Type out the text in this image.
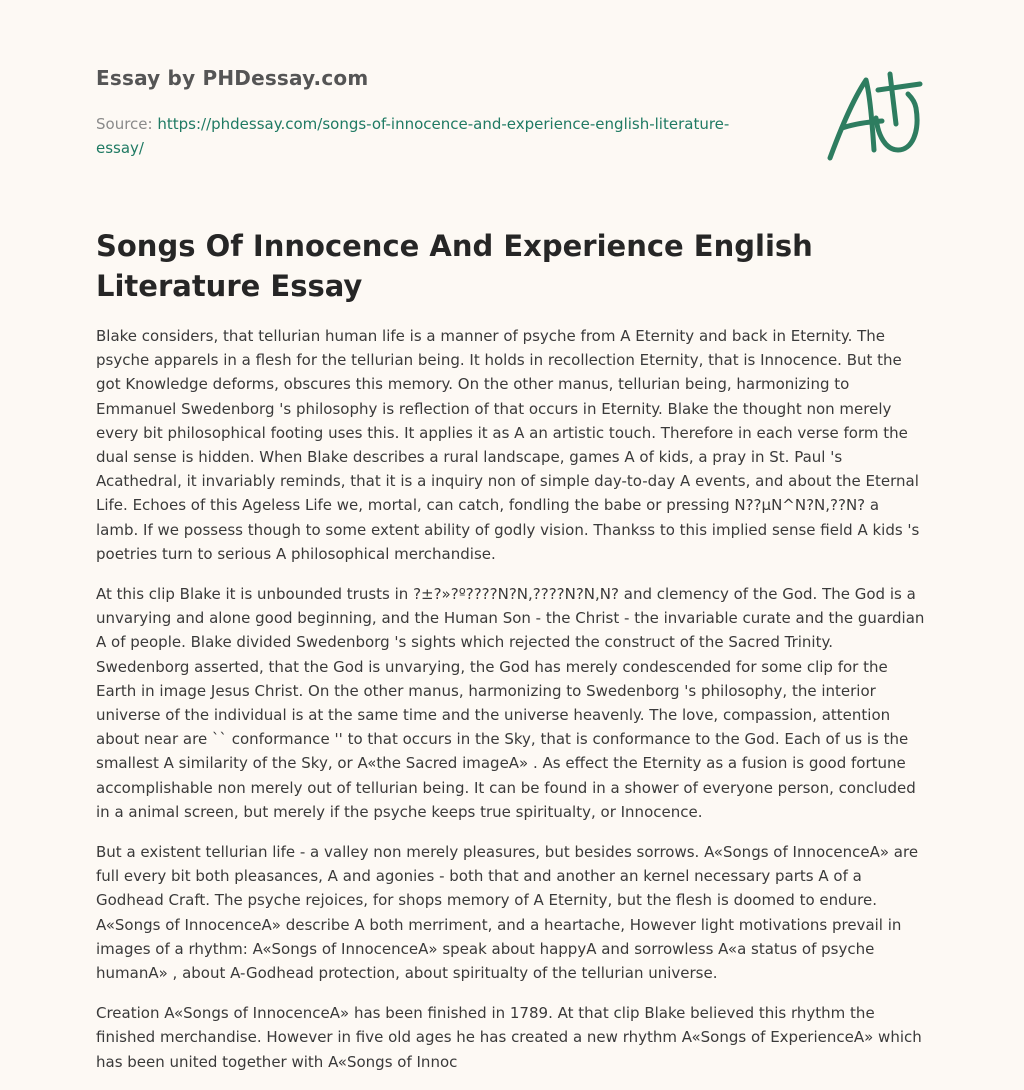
Essay by PHDessay.com
Source: https://phdessay.com/songs-of-innocence-and-experience-english-literature-essay/
Songs Of Innocence And Experience English Literature Essay

Blake considers, that tellurian human life is a manner of psyche from A Eternity and back in Eternity. The psyche apparels in a flesh for the tellurian being. It holds in recollection Eternity, that is Innocence. But the got Knowledge deforms, obscures this memory. On the other manus, tellurian being, harmonizing to Emmanuel Swedenborg 's philosophy is reflection of that occurs in Eternity. Blake the thought non merely every bit philosophical footing uses this. It applies it as A an artistic touch. Therefore in each verse form the dual sense is hidden. When Blake describes a rural landscape, games A of kids, a pray in St. Paul 's Acathedral, it invariably reminds, that it is a inquiry non of simple day-to-day A events, and about the Eternal Life. Echoes of this Ageless Life we, mortal, can catch, fondling the babe or pressing N??µN^N?N,??N? a lamb. If we possess though to some extent ability of godly vision. Thankss to this implied sense field A kids 's poetries turn to serious A philosophical merchandise.

At this clip Blake it is unbounded trusts in ?±?»?º????N?N,????N?N,N? and clemency of the God. The God is a unvarying and alone good beginning, and the Human Son - the Christ - the invariable curate and the guardian A of people. Blake divided Swedenborg 's sights which rejected the construct of the Sacred Trinity. Swedenborg asserted, that the God is unvarying, the God has merely condescended for some clip for the Earth in image Jesus Christ. On the other manus, harmonizing to Swedenborg 's philosophy, the interior universe of the individual is at the same time and the universe heavenly. The love, compassion, attention about near are `` conformance '' to that occurs in the Sky, that is conformance to the God. Each of us is the smallest A similarity of the Sky, or A«the Sacred imageA» . As effect the Eternity as a fusion is good fortune accomplishable non merely out of tellurian being. It can be found in a shower of everyone person, concluded in a animal screen, but merely if the psyche keeps true spiritualty, or Innocence.

But a existent tellurian life - a valley non merely pleasures, but besides sorrows. A«Songs of InnocenceA» are full every bit both pleasances, A and agonies - both that and another an kernel necessary parts A of a Godhead Craft. The psyche rejoices, for shops memory of A Eternity, but the flesh is doomed to endure. A«Songs of InnocenceA» describe A both merriment, and a heartache, However light motivations prevail in images of a rhythm: A«Songs of InnocenceA» speak about happyA and sorrowless A«a status of psyche humanA» , about A-Godhead protection, about spiritualty of the tellurian universe.

Creation A«Songs of InnocenceA» has been finished in 1789. At that clip Blake believed this rhythm the finished merchandise. However in five old ages he has created a new rhythm A«Songs of ExperienceA» which has been united together with A«Songs of Innoc
